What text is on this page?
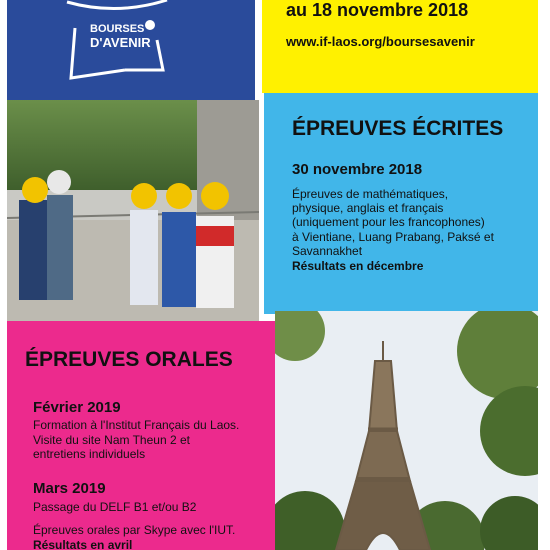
BOURSES
D'AVENIR
au 18 novembre 2018
www.if-laos.org/boursesavenir
ÉPREUVES ÉCRITES
30 novembre 2018
Épreuves de mathématiques,
physique, anglais et français
(uniquement pour les francophones)
à Vientiane, Luang Prabang, Paksé et
Savannakhet
Résultats en décembre
ÉPREUVES ORALES
Février 2019
Formation à l'Institut Français du Laos.
Visite du site Nam Theun 2 et
entretiens individuels
Mars 2019
Passage du DELF B1 et/ou B2
Épreuves orales par Skype avec l'IUT.
Résultats en avril
